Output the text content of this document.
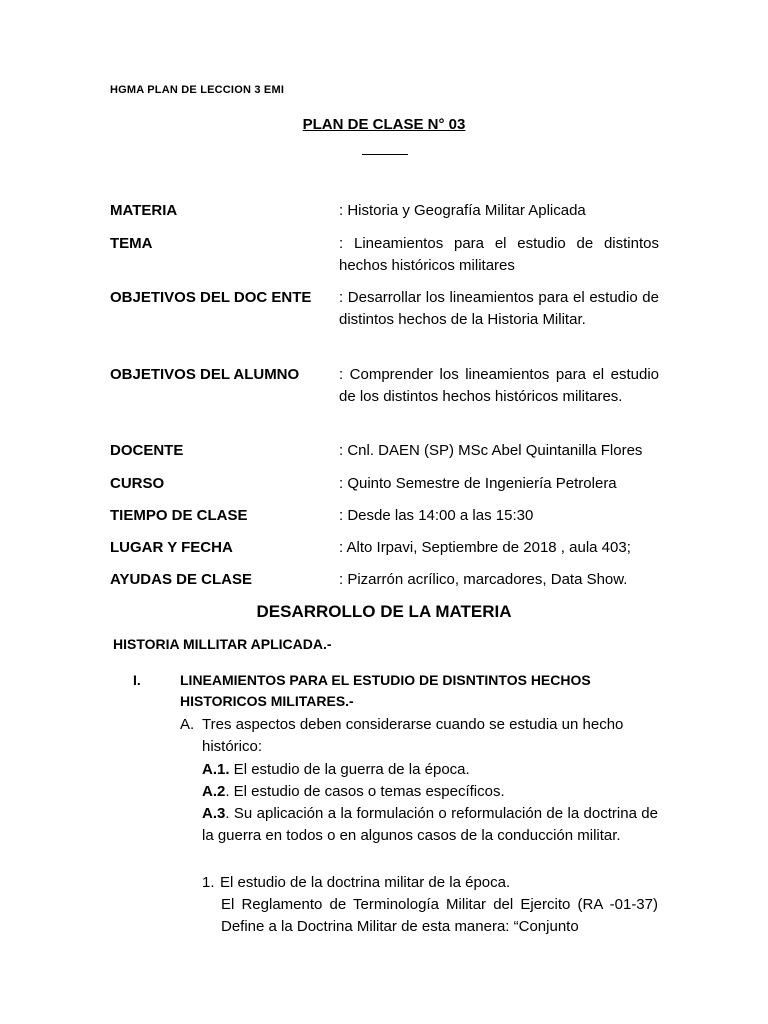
HGMA PLAN DE LECCION 3 EMI
PLAN DE CLASE N° 03
MATERIA	: Historia y Geografía Militar Aplicada
TEMA	: Lineamientos para el estudio de distintos hechos históricos militares
OBJETIVOS DEL DOC ENTE	: Desarrollar los lineamientos para el estudio de distintos hechos de la Historia Militar.
OBJETIVOS DEL ALUMNO	: Comprender los lineamientos para el estudio de los distintos hechos históricos militares.
DOCENTE	: Cnl. DAEN (SP) MSc Abel Quintanilla Flores
CURSO	: Quinto Semestre de Ingeniería Petrolera
TIEMPO DE CLASE	: Desde las 14:00 a las 15:30
LUGAR Y FECHA	: Alto Irpavi, Septiembre de 2018 , aula 403;
AYUDAS DE CLASE	: Pizarrón acrílico, marcadores, Data Show.
DESARROLLO DE LA MATERIA
HISTORIA MILLITAR APLICADA.-
I.	LINEAMIENTOS PARA EL ESTUDIO DE DISNTINTOS HECHOS HISTORICOS MILITARES.-
A. Tres aspectos deben considerarse cuando se estudia un hecho histórico:
A.1. El estudio de la guerra de la época.
A.2. El estudio de casos o temas específicos.
A.3. Su aplicación a la formulación o reformulación de la doctrina de la guerra en todos o en algunos casos de la conducción militar.
1. El estudio de la doctrina militar de la época.
El Reglamento de Terminología Militar del Ejercito (RA -01-37) Define a la Doctrina Militar de esta manera: “Conjunto
